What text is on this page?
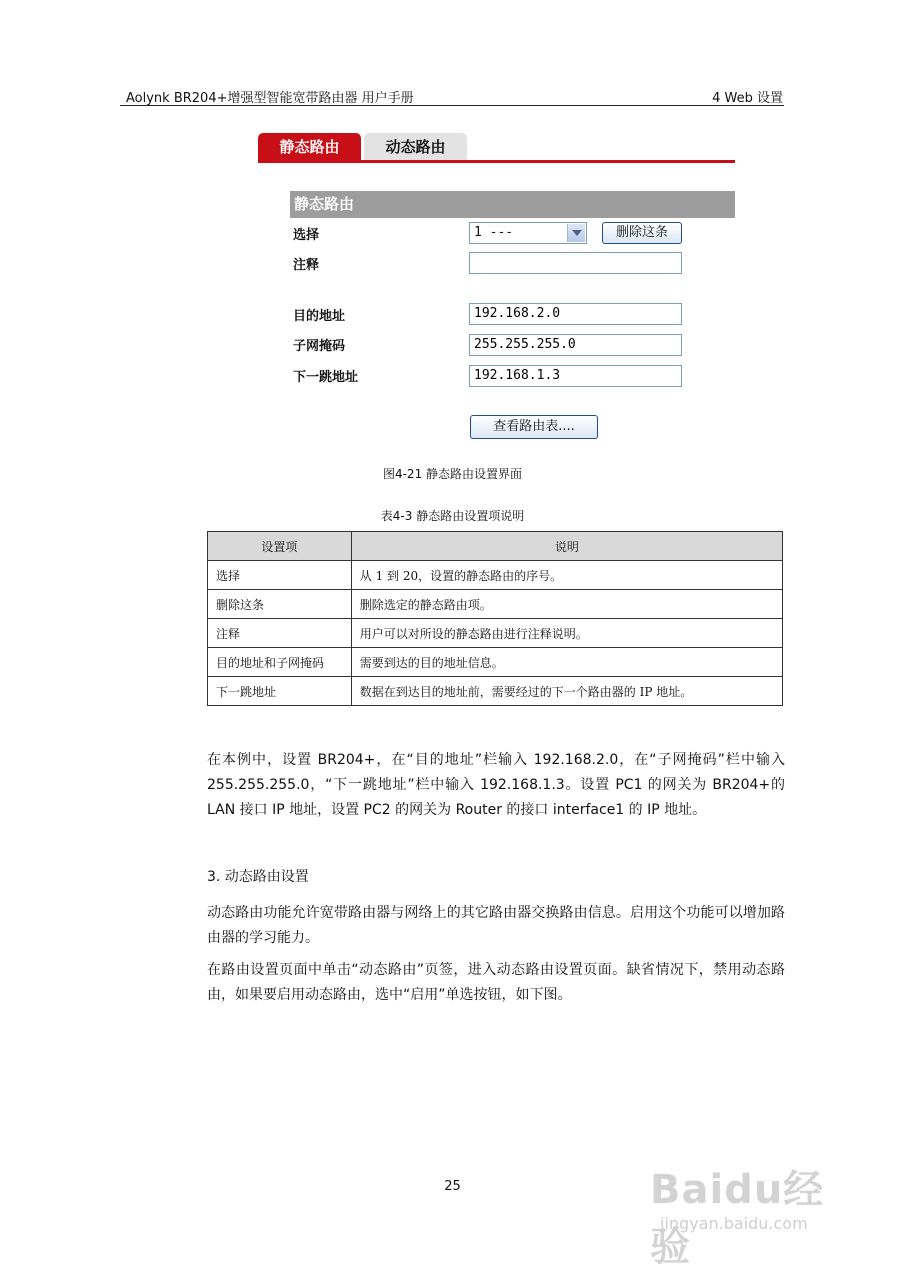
Aolynk BR204+增强型智能宽带路由器 用户手册	4 Web 设置
静态路由	动态路由
静态路由
选择	1 ---	删除这条
注释
目的地址	192.168.2.0
子网掩码	255.255.255.0
下一跳地址	192.168.1.3
查看路由表....
图4-21 静态路由设置界面
表4-3 静态路由设置项说明
设置项	说明
选择	从 1 到 20，设置的静态路由的序号。
删除这条	删除选定的静态路由项。
注释	用户可以对所设的静态路由进行注释说明。
目的地址和子网掩码	需要到达的目的地址信息。
下一跳地址	数据在到达目的地址前，需要经过的下一个路由器的 IP 地址。
在本例中，设置 BR204+，在“目的地址”栏输入 192.168.2.0，在“子网掩码”栏中输入 255.255.255.0，“下一跳地址”栏中输入 192.168.1.3。设置 PC1 的网关为 BR204+的 LAN 接口 IP 地址，设置 PC2 的网关为 Router 的接口 interface1 的 IP 地址。
3. 动态路由设置
动态路由功能允许宽带路由器与网络上的其它路由器交换路由信息。启用这个功能可以增加路由器的学习能力。
在路由设置页面中单击“动态路由”页签，进入动态路由设置页面。缺省情况下，禁用动态路由，如果要启用动态路由，选中“启用”单选按钮，如下图。
25	Baidu经验
jingyan.baidu.com
